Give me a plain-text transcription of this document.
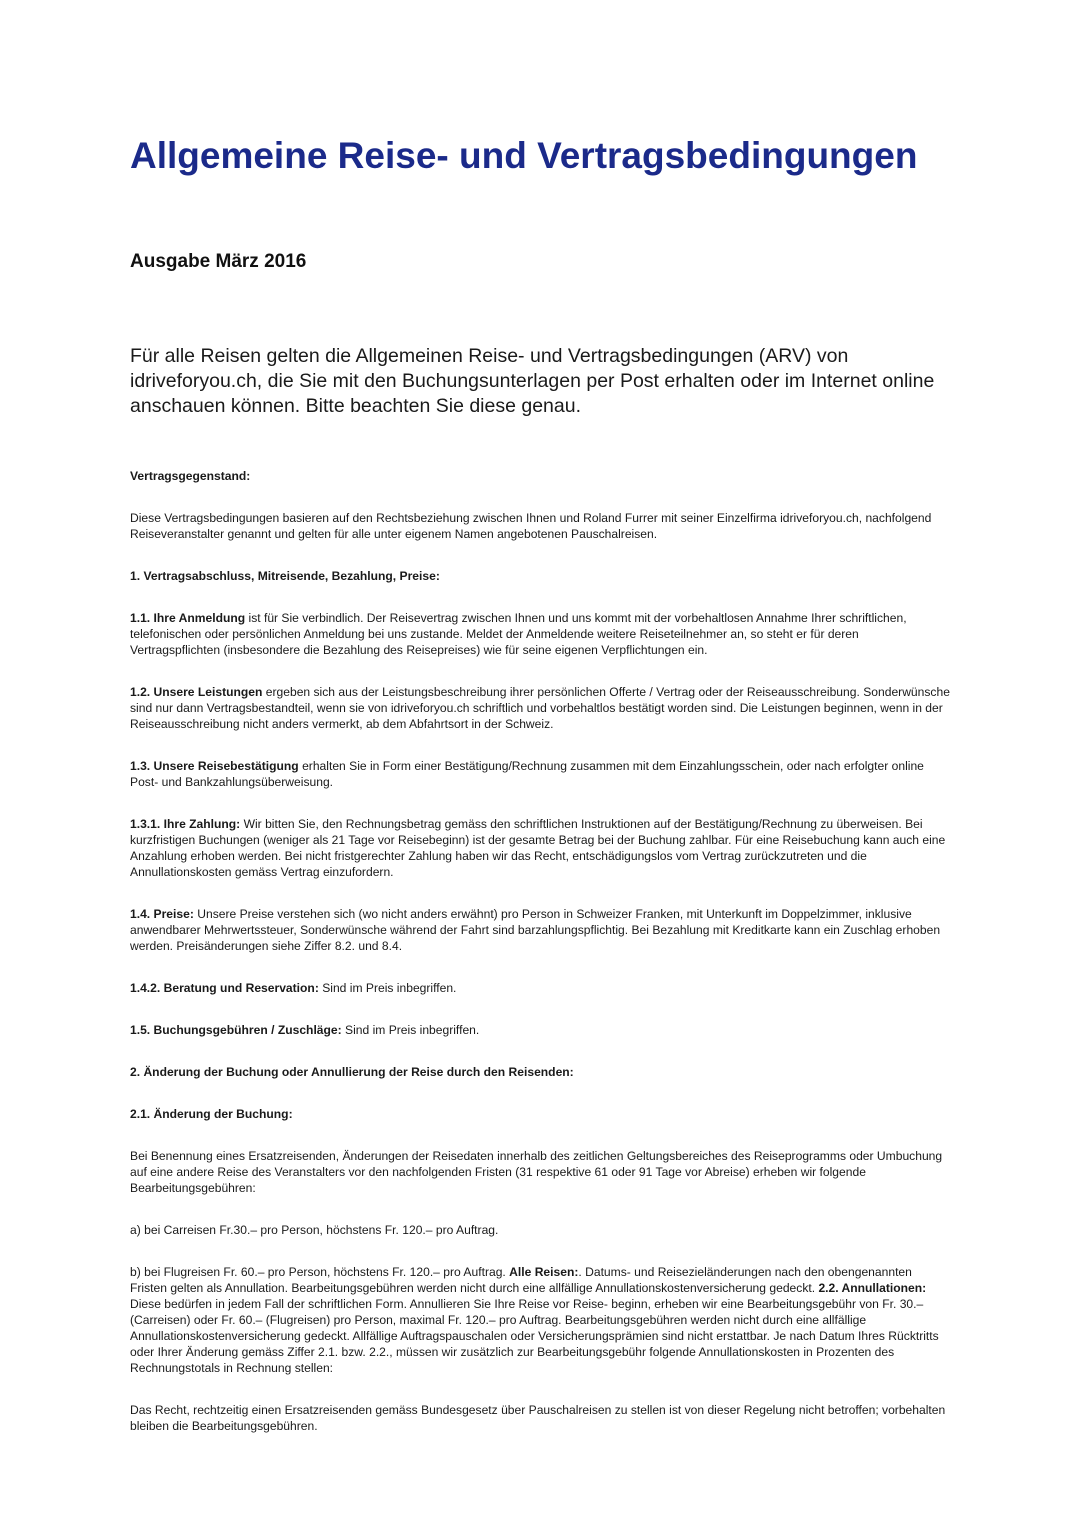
Allgemeine Reise- und Vertragsbedingungen

Ausgabe März 2016

Für alle Reisen gelten die Allgemeinen Reise- und Vertragsbedingungen (ARV) von idriveforyou.ch, die Sie mit den Buchungsunterlagen per Post erhalten oder im Internet online anschauen können. Bitte beachten Sie diese genau.

Vertragsgegenstand:

Diese Vertragsbedingungen basieren auf den Rechtsbeziehung zwischen Ihnen und Roland Furrer mit seiner Einzelfirma idriveforyou.ch, nachfolgend Reiseveranstalter genannt und gelten für alle unter eigenem Namen angebotenen Pauschalreisen.

1. Vertragsabschluss, Mitreisende, Bezahlung, Preise:

1.1. Ihre Anmeldung ist für Sie verbindlich. Der Reisevertrag zwischen Ihnen und uns kommt mit der vorbehaltlosen Annahme Ihrer schriftlichen, telefonischen oder persönlichen Anmeldung bei uns zustande. Meldet der Anmeldende weitere Reiseteilnehmer an, so steht er für deren Vertragspflichten (insbesondere die Bezahlung des Reisepreises) wie für seine eigenen Verpflichtungen ein.

1.2. Unsere Leistungen ergeben sich aus der Leistungsbeschreibung ihrer persönlichen Offerte / Vertrag oder der Reiseausschreibung. Sonderwünsche sind nur dann Vertragsbestandteil, wenn sie von idriveforyou.ch schriftlich und vorbehaltlos bestätigt worden sind. Die Leistungen beginnen, wenn in der Reiseausschreibung nicht anders vermerkt, ab dem Abfahrtsort in der Schweiz.

1.3. Unsere Reisebestätigung erhalten Sie in Form einer Bestätigung/Rechnung zusammen mit dem Einzahlungsschein, oder nach erfolgter online Post- und Bankzahlungsüberweisung.

1.3.1. Ihre Zahlung: Wir bitten Sie, den Rechnungsbetrag gemäss den schriftlichen Instruktionen auf der Bestätigung/Rechnung zu überweisen. Bei kurzfristigen Buchungen (weniger als 21 Tage vor Reisebeginn) ist der gesamte Betrag bei der Buchung zahlbar. Für eine Reisebuchung kann auch eine Anzahlung erhoben werden. Bei nicht fristgerechter Zahlung haben wir das Recht, entschädigungslos vom Vertrag zurückzutreten und die Annullationskosten gemäss Vertrag einzufordern.

1.4. Preise: Unsere Preise verstehen sich (wo nicht anders erwähnt) pro Person in Schweizer Franken, mit Unterkunft im Doppelzimmer, inklusive anwendbarer Mehrwertssteuer, Sonderwünsche während der Fahrt sind barzahlungspflichtig. Bei Bezahlung mit Kreditkarte kann ein Zuschlag erhoben werden. Preisänderungen siehe Ziffer 8.2. und 8.4.

1.4.2. Beratung und Reservation: Sind im Preis inbegriffen.

1.5. Buchungsgebühren / Zuschläge: Sind im Preis inbegriffen.

2. Änderung der Buchung oder Annullierung der Reise durch den Reisenden:

2.1. Änderung der Buchung:

Bei Benennung eines Ersatzreisenden, Änderungen der Reisedaten innerhalb des zeitlichen Geltungsbereiches des Reiseprogramms oder Umbuchung auf eine andere Reise des Veranstalters vor den nachfolgenden Fristen (31 respektive 61 oder 91 Tage vor Abreise) erheben wir folgende Bearbeitungsgebühren:

a) bei Carreisen Fr.30.– pro Person, höchstens Fr. 120.– pro Auftrag.

b) bei Flugreisen Fr. 60.– pro Person, höchstens Fr. 120.– pro Auftrag. Alle Reisen:. Datums- und Reisezieländerungen nach den obengenannten Fristen gelten als Annullation. Bearbeitungsgebühren werden nicht durch eine allfällige Annullationskostenversicherung gedeckt. 2.2. Annullationen: Diese bedürfen in jedem Fall der schriftlichen Form. Annullieren Sie Ihre Reise vor Reise- beginn, erheben wir eine Bearbeitungsgebühr von Fr. 30.– (Carreisen) oder Fr. 60.– (Flugreisen) pro Person, maximal Fr. 120.– pro Auftrag. Bearbeitungsgebühren werden nicht durch eine allfällige Annullationskostenversicherung gedeckt. Allfällige Auftragspauschalen oder Versicherungsprämien sind nicht erstattbar. Je nach Datum Ihres Rücktritts oder Ihrer Änderung gemäss Ziffer 2.1. bzw. 2.2., müssen wir zusätzlich zur Bearbeitungsgebühr folgende Annullationskosten in Prozenten des Rechnungstotals in Rechnung stellen:

Das Recht, rechtzeitig einen Ersatzreisenden gemäss Bundesgesetz über Pauschalreisen zu stellen ist von dieser Regelung nicht betroffen; vorbehalten bleiben die Bearbeitungsgebühren.
